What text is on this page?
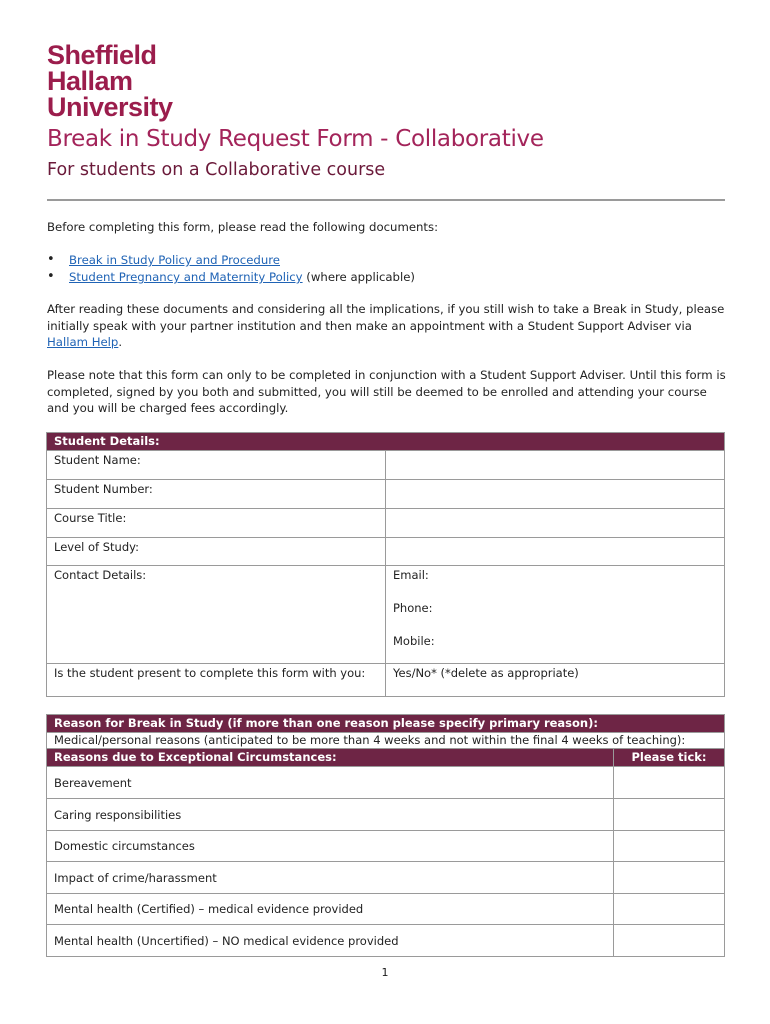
Sheffield
Hallam
University
Break in Study Request Form - Collaborative
For students on a Collaborative course
Before completing this form, please read the following documents:
• Break in Study Policy and Procedure
• Student Pregnancy and Maternity Policy (where applicable)
After reading these documents and considering all the implications, if you still wish to take a Break in Study, please initially speak with your partner institution and then make an appointment with a Student Support Adviser via Hallam Help.
Please note that this form can only to be completed in conjunction with a Student Support Adviser. Until this form is completed, signed by you both and submitted, you will still be deemed to be enrolled and attending your course and you will be charged fees accordingly.
Student Details:	
Student Name:	
Student Number:	
Course Title:	
Level of Study:	
Contact Details:	Email:
Phone:
Mobile:

Is the student present to complete this form with you:	Yes/No* (*delete as appropriate)
Reason for Break in Study (if more than one reason please specify primary reason):	
Medical/personal reasons (anticipated to be more than 4 weeks and not within the final 4 weeks of teaching):	
Reasons due to Exceptional Circumstances:	Please tick:
Bereavement	
Caring responsibilities	
Domestic circumstances	
Impact of crime/harassment	
Mental health (Certified) – medical evidence provided	
Mental health (Uncertified) – NO medical evidence provided	
1
